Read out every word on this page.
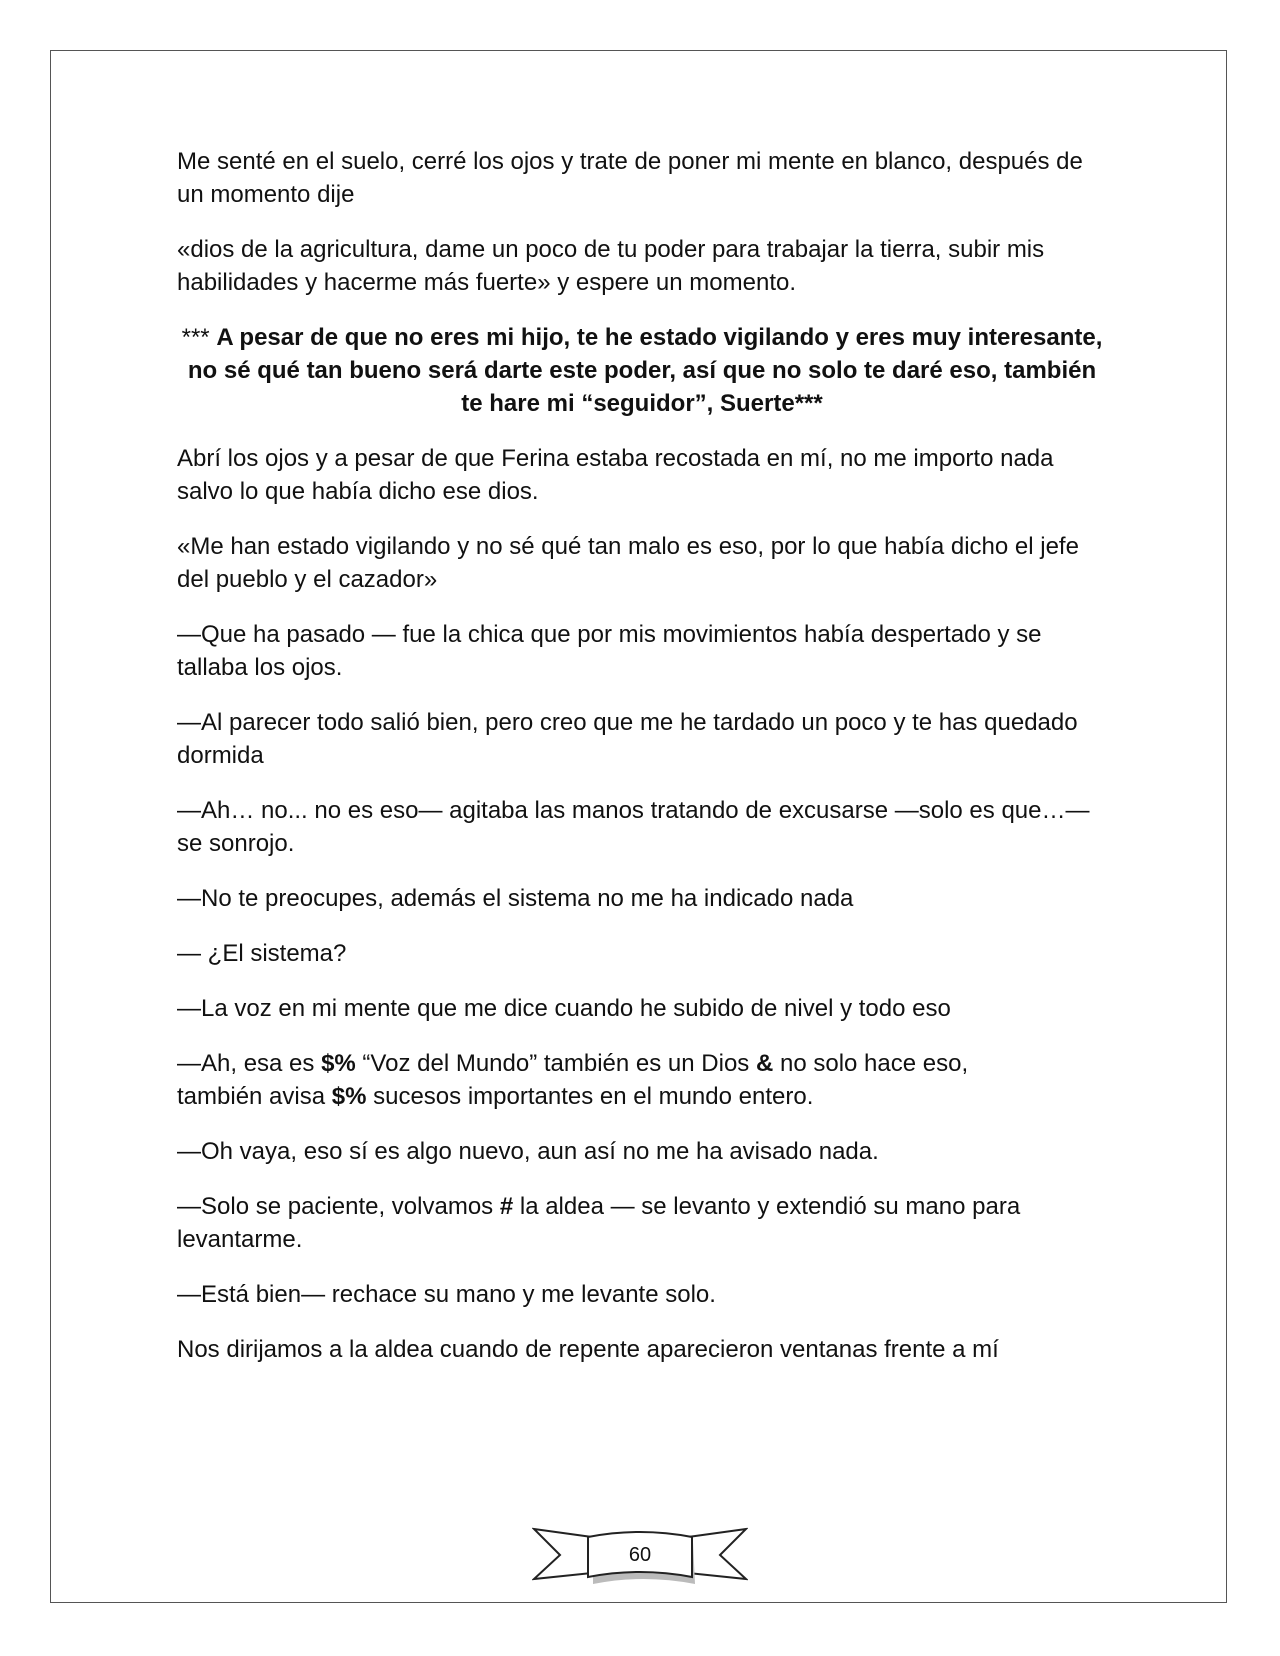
Me senté en el suelo, cerré los ojos y trate de poner mi mente en blanco, después de un momento dije

«dios de la agricultura, dame un poco de tu poder para trabajar la tierra, subir mis habilidades y hacerme más fuerte» y espere un momento.

*** A pesar de que no eres mi hijo, te he estado vigilando y eres muy interesante, no sé qué tan bueno será darte este poder, así que no solo te daré eso, también te hare mi “seguidor”, Suerte***

Abrí los ojos y a pesar de que Ferina estaba recostada en mí, no me importo nada salvo lo que había dicho ese dios.

«Me han estado vigilando y no sé qué tan malo es eso, por lo que había dicho el jefe del pueblo y el cazador»

—Que ha pasado — fue la chica que por mis movimientos había despertado y se tallaba los ojos.

—Al parecer todo salió bien, pero creo que me he tardado un poco y te has quedado dormida

—Ah… no... no es eso— agitaba las manos tratando de excusarse —solo es que…—se sonrojo.

—No te preocupes, además el sistema no me ha indicado nada

— ¿El sistema?

—La voz en mi mente que me dice cuando he subido de nivel y todo eso

—Ah, esa es $% “Voz del Mundo” también es un Dios & no solo hace eso,
también avisa $% sucesos importantes en el mundo entero.

—Oh vaya, eso sí es algo nuevo, aun así no me ha avisado nada.

—Solo se paciente, volvamos # la aldea — se levanto y extendió su mano para levantarme.

—Está bien— rechace su mano y me levante solo.

Nos dirijamos a la aldea cuando de repente aparecieron ventanas frente a mí

60
